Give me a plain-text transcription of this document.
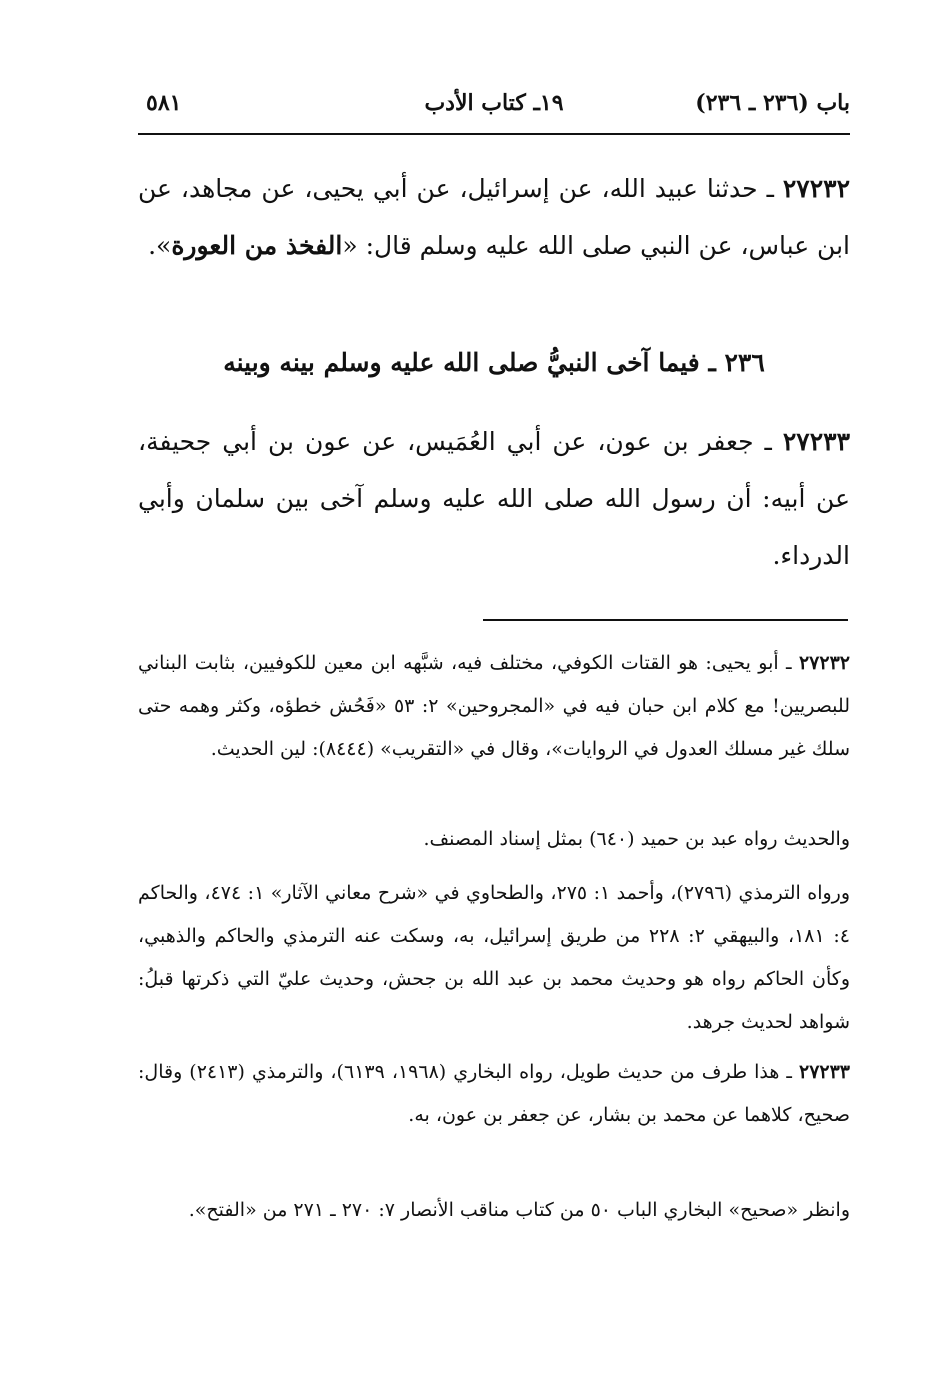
باب (٢٣٦ ـ ٢٣٦)
١٩ـ كتاب الأدب
٥٨١
٢٧٢٣٢ ـ حدثنا عبيد الله، عن إسرائيل، عن أبي يحيى، عن مجاهد، عن ابن عباس، عن النبي صلى الله عليه وسلم قال: «الفخذ من العورة».
٢٣٦ ـ فيما آخى النبيُّ صلى الله عليه وسلم بينه وبينه
٢٧٢٣٣ ـ جعفر بن عون، عن أبي العُمَيس، عن عون بن أبي جحيفة، عن أبيه: أن رسول الله صلى الله عليه وسلم آخى بين سلمان وأبي الدرداء.
٢٧٢٣٢ ـ أبو يحيى: هو القتات الكوفي، مختلف فيه، شبَّهه ابن معين للكوفيين، بثابت البناني للبصريين! مع كلام ابن حبان فيه في «المجروحين» ٢: ٥٣ «فَحُش خطؤه، وكثر وهمه حتى سلك غير مسلك العدول في الروايات»، وقال في «التقريب» (٨٤٤٤): لين الحديث.
والحديث رواه عبد بن حميد (٦٤٠) بمثل إسناد المصنف.
ورواه الترمذي (٢٧٩٦)، وأحمد ١: ٢٧٥، والطحاوي في «شرح معاني الآثار» ١: ٤٧٤، والحاكم ٤: ١٨١، والبيهقي ٢: ٢٢٨ من طريق إسرائيل، به، وسكت عنه الترمذي والحاكم والذهبي، وكأن الحاكم رواه هو وحديث محمد بن عبد الله بن جحش، وحديث عليّ التي ذكرتها قبلُ: شواهد لحديث جرهد.
٢٧٢٣٣ ـ هذا طرف من حديث طويل، رواه البخاري (١٩٦٨، ٦١٣٩)، والترمذي (٢٤١٣) وقال: صحيح، كلاهما عن محمد بن بشار، عن جعفر بن عون، به.
وانظر «صحيح» البخاري الباب ٥٠ من كتاب مناقب الأنصار ٧: ٢٧٠ ـ ٢٧١ من «الفتح».
